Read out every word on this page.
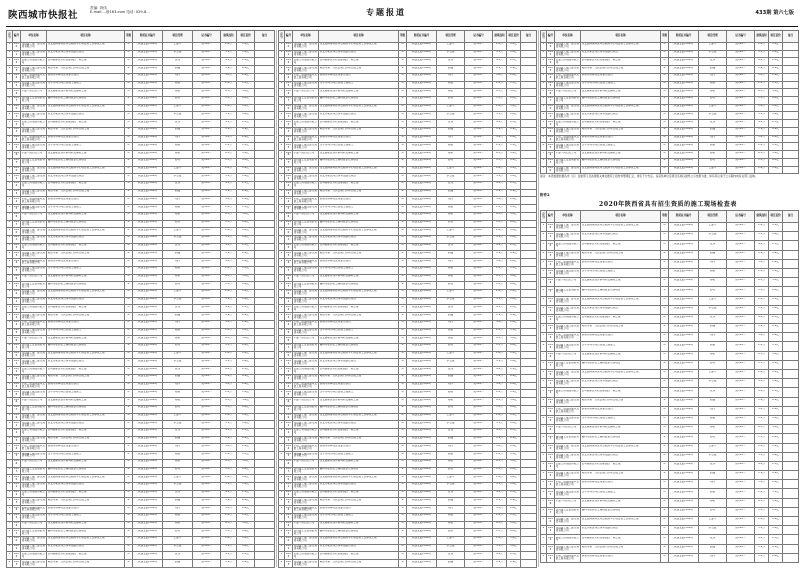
陕西城市快报社
责编: 刘伟
E-mail:...@163.com 电话: 029-8...	专题报道	433期 第六七版
序号	编号	单位名称	项目名称	等级	资质证书编号	项目经理	证书编号	建筑面积	项目造价	备注

1	2020	陕西建工第一建设集团有限公司	西安国际港务区综合服务中心项目施工总承包工程	A	陕建安证(2020)	王建平	陕161...	2.6万	1.2亿	

2	2021	陕西建工第二建设集团有限公司	延安市新区综合体育馆建设项目	A	陕建安证(2020)	李志强	陕161...	3.1万	1.8亿	

3	2022	中建三局集团有限公司	宝鸡高新区科技创新园区一期工程	A	陕建安证(2020)	张伟	陕161...	4.2万	2.3亿	

4	2023	陕西建工第三建设集团有限公司	咸阳市第一人民医院门诊综合楼工程	B	陕建安证(2020)	赵磊	陕161...	1.9万	0.9亿	

5	2024	中铁一局集团建筑安装工程有限公司	渭南市保障性住房建设项目	A	陕建安证(2020)	刘洋	陕161...	5.0万	2.6亿	

6	2025	陕西建工第五建设集团有限公司	汉中市城市综合管廊工程施工	A	陕建安证(2020)	陈刚	陕161...	2.2万	1.1亿	

7	2026	中建八局西北公司	西安高新区软件新城研发基地工程	A	陕建安证(2020)	杨帆	陕161...	6.3万	3.4亿	

8	2027	陕西建工安装集团有限公司	榆林市能源化工基地配套设施项目	B	陕建安证(2020)	孙亮	陕161...	1.5万	0.8亿	

1	2020	陕西建工第一建设集团有限公司	西安国际港务区综合服务中心项目施工总承包工程	A	陕建安证(2020)	王建平	陕161...	2.6万	1.2亿	

2	2021	陕西建工第二建设集团有限公司	延安市新区综合体育馆建设项目	A	陕建安证(2020)	李志强	陕161...	3.1万	1.8亿	

3	2022	中建三局集团有限公司	宝鸡高新区科技创新园区一期工程	A	陕建安证(2020)	张伟	陕161...	4.2万	2.3亿	

4	2023	陕西建工第三建设集团有限公司	咸阳市第一人民医院门诊综合楼工程	B	陕建安证(2020)	赵磊	陕161...	1.9万	0.9亿	

5	2024	中铁一局集团建筑安装工程有限公司	渭南市保障性住房建设项目	A	陕建安证(2020)	刘洋	陕161...	5.0万	2.6亿	

6	2025	陕西建工第五建设集团有限公司	汉中市城市综合管廊工程施工	A	陕建安证(2020)	陈刚	陕161...	2.2万	1.1亿	

7	2026	中建八局西北公司	西安高新区软件新城研发基地工程	A	陕建安证(2020)	杨帆	陕161...	6.3万	3.4亿	

8	2027	陕西建工安装集团有限公司	榆林市能源化工基地配套设施项目	B	陕建安证(2020)	孙亮	陕161...	1.5万	0.8亿	

1	2020	陕西建工第一建设集团有限公司	西安国际港务区综合服务中心项目施工总承包工程	A	陕建安证(2020)	王建平	陕161...	2.6万	1.2亿	

2	2021	陕西建工第二建设集团有限公司	延安市新区综合体育馆建设项目	A	陕建安证(2020)	李志强	陕161...	3.1万	1.8亿	

3	2022	中建三局集团有限公司	宝鸡高新区科技创新园区一期工程	A	陕建安证(2020)	张伟	陕161...	4.2万	2.3亿	

4	2023	陕西建工第三建设集团有限公司	咸阳市第一人民医院门诊综合楼工程	B	陕建安证(2020)	赵磊	陕161...	1.9万	0.9亿	

5	2024	中铁一局集团建筑安装工程有限公司	渭南市保障性住房建设项目	A	陕建安证(2020)	刘洋	陕161...	5.0万	2.6亿	

6	2025	陕西建工第五建设集团有限公司	汉中市城市综合管廊工程施工	A	陕建安证(2020)	陈刚	陕161...	2.2万	1.1亿	

7	2026	中建八局西北公司	西安高新区软件新城研发基地工程	A	陕建安证(2020)	杨帆	陕161...	6.3万	3.4亿	

8	2027	陕西建工安装集团有限公司	榆林市能源化工基地配套设施项目	B	陕建安证(2020)	孙亮	陕161...	1.5万	0.8亿	

1	2020	陕西建工第一建设集团有限公司	西安国际港务区综合服务中心项目施工总承包工程	A	陕建安证(2020)	王建平	陕161...	2.6万	1.2亿	

2	2021	陕西建工第二建设集团有限公司	延安市新区综合体育馆建设项目	A	陕建安证(2020)	李志强	陕161...	3.1万	1.8亿	

3	2022	中建三局集团有限公司	宝鸡高新区科技创新园区一期工程	A	陕建安证(2020)	张伟	陕161...	4.2万	2.3亿	

4	2023	陕西建工第三建设集团有限公司	咸阳市第一人民医院门诊综合楼工程	B	陕建安证(2020)	赵磊	陕161...	1.9万	0.9亿	

5	2024	中铁一局集团建筑安装工程有限公司	渭南市保障性住房建设项目	A	陕建安证(2020)	刘洋	陕161...	5.0万	2.6亿	

6	2025	陕西建工第五建设集团有限公司	汉中市城市综合管廊工程施工	A	陕建安证(2020)	陈刚	陕161...	2.2万	1.1亿	

7	2026	中建八局西北公司	西安高新区软件新城研发基地工程	A	陕建安证(2020)	杨帆	陕161...	6.3万	3.4亿	

8	2027	陕西建工安装集团有限公司	榆林市能源化工基地配套设施项目	B	陕建安证(2020)	孙亮	陕161...	1.5万	0.8亿	

1	2020	陕西建工第一建设集团有限公司	西安国际港务区综合服务中心项目施工总承包工程	A	陕建安证(2020)	王建平	陕161...	2.6万	1.2亿	

2	2021	陕西建工第二建设集团有限公司	延安市新区综合体育馆建设项目	A	陕建安证(2020)	李志强	陕161...	3.1万	1.8亿	

3	2022	中建三局集团有限公司	宝鸡高新区科技创新园区一期工程	A	陕建安证(2020)	张伟	陕161...	4.2万	2.3亿	

4	2023	陕西建工第三建设集团有限公司	咸阳市第一人民医院门诊综合楼工程	B	陕建安证(2020)	赵磊	陕161...	1.9万	0.9亿	

5	2024	中铁一局集团建筑安装工程有限公司	渭南市保障性住房建设项目	A	陕建安证(2020)	刘洋	陕161...	5.0万	2.6亿	

6	2025	陕西建工第五建设集团有限公司	汉中市城市综合管廊工程施工	A	陕建安证(2020)	陈刚	陕161...	2.2万	1.1亿	

7	2026	中建八局西北公司	西安高新区软件新城研发基地工程	A	陕建安证(2020)	杨帆	陕161...	6.3万	3.4亿	

8	2027	陕西建工安装集团有限公司	榆林市能源化工基地配套设施项目	B	陕建安证(2020)	孙亮	陕161...	1.5万	0.8亿	

1	2020	陕西建工第一建设集团有限公司	西安国际港务区综合服务中心项目施工总承包工程	A	陕建安证(2020)	王建平	陕161...	2.6万	1.2亿	

2	2021	陕西建工第二建设集团有限公司	延安市新区综合体育馆建设项目	A	陕建安证(2020)	李志强	陕161...	3.1万	1.8亿	

3	2022	中建三局集团有限公司	宝鸡高新区科技创新园区一期工程	A	陕建安证(2020)	张伟	陕161...	4.2万	2.3亿	

4	2023	陕西建工第三建设集团有限公司	咸阳市第一人民医院门诊综合楼工程	B	陕建安证(2020)	赵磊	陕161...	1.9万	0.9亿	

5	2024	中铁一局集团建筑安装工程有限公司	渭南市保障性住房建设项目	A	陕建安证(2020)	刘洋	陕161...	5.0万	2.6亿	

6	2025	陕西建工第五建设集团有限公司	汉中市城市综合管廊工程施工	A	陕建安证(2020)	陈刚	陕161...	2.2万	1.1亿	

7	2026	中建八局西北公司	西安高新区软件新城研发基地工程	A	陕建安证(2020)	杨帆	陕161...	6.3万	3.4亿	

8	2027	陕西建工安装集团有限公司	榆林市能源化工基地配套设施项目	B	陕建安证(2020)	孙亮	陕161...	1.5万	0.8亿	

1	2020	陕西建工第一建设集团有限公司	西安国际港务区综合服务中心项目施工总承包工程	A	陕建安证(2020)	王建平	陕161...	2.6万	1.2亿	

2	2021	陕西建工第二建设集团有限公司	延安市新区综合体育馆建设项目	A	陕建安证(2020)	李志强	陕161...	3.1万	1.8亿	

3	2022	中建三局集团有限公司	宝鸡高新区科技创新园区一期工程	A	陕建安证(2020)	张伟	陕161...	4.2万	2.3亿	

4	2023	陕西建工第三建设集团有限公司	咸阳市第一人民医院门诊综合楼工程	B	陕建安证(2020)	赵磊	陕161...	1.9万	0.9亿	

5	2024	中铁一局集团建筑安装工程有限公司	渭南市保障性住房建设项目	A	陕建安证(2020)	刘洋	陕161...	5.0万	2.6亿	

6	2025	陕西建工第五建设集团有限公司	汉中市城市综合管廊工程施工	A	陕建安证(2020)	陈刚	陕161...	2.2万	1.1亿	

7	2026	中建八局西北公司	西安高新区软件新城研发基地工程	A	陕建安证(2020)	杨帆	陕161...	6.3万	3.4亿	

8	2027	陕西建工安装集团有限公司	榆林市能源化工基地配套设施项目	B	陕建安证(2020)	孙亮	陕161...	1.5万	0.8亿	

1	2020	陕西建工第一建设集团有限公司	西安国际港务区综合服务中心项目施工总承包工程	A	陕建安证(2020)	王建平	陕161...	2.6万	1.2亿	

2	2021	陕西建工第二建设集团有限公司	延安市新区综合体育馆建设项目	A	陕建安证(2020)	李志强	陕161...	3.1万	1.8亿	

3	2022	中建三局集团有限公司	宝鸡高新区科技创新园区一期工程	A	陕建安证(2020)	张伟	陕161...	4.2万	2.3亿	

4	2023	陕西建工第三建设集团有限公司	咸阳市第一人民医院门诊综合楼工程	B	陕建安证(2020)	赵磊	陕161...	1.9万	0.9亿	

5	2024	中铁一局集团建筑安装工程有限公司	渭南市保障性住房建设项目	A	陕建安证(2020)	刘洋	陕161...	5.0万	2.6亿	

6	2025	陕西建工第五建设集团有限公司	汉中市城市综合管廊工程施工	A	陕建安证(2020)	陈刚	陕161...	2.2万	1.1亿	

7	2026	中建八局西北公司	西安高新区软件新城研发基地工程	A	陕建安证(2020)	杨帆	陕161...	6.3万	3.4亿	

8	2027	陕西建工安装集团有限公司	榆林市能源化工基地配套设施项目	B	陕建安证(2020)	孙亮	陕161...	1.5万	0.8亿	

1	2020	陕西建工第一建设集团有限公司	西安国际港务区综合服务中心项目施工总承包工程	A	陕建安证(2020)	王建平	陕161...	2.6万	1.2亿	

2	2021	陕西建工第二建设集团有限公司	延安市新区综合体育馆建设项目	A	陕建安证(2020)	李志强	陕161...	3.1万	1.8亿	

3	2022	中建三局集团有限公司	宝鸡高新区科技创新园区一期工程	A	陕建安证(2020)	张伟	陕161...	4.2万	2.3亿	

4	2023	陕西建工第三建设集团有限公司	咸阳市第一人民医院门诊综合楼工程	B	陕建安证(2020)	赵磊	陕161...	1.9万	0.9亿	

序号	编号	单位名称	项目名称	等级	资质证书编号	项目经理	证书编号	建筑面积	项目造价	备注

1	2020	陕西建工第一建设集团有限公司	西安国际港务区综合服务中心项目施工总承包工程	A	陕建安证(2020)	王建平	陕161...	2.6万	1.2亿	

2	2021	陕西建工第二建设集团有限公司	延安市新区综合体育馆建设项目	A	陕建安证(2020)	李志强	陕161...	3.1万	1.8亿	

3	2022	中建三局集团有限公司	宝鸡高新区科技创新园区一期工程	A	陕建安证(2020)	张伟	陕161...	4.2万	2.3亿	

4	2023	陕西建工第三建设集团有限公司	咸阳市第一人民医院门诊综合楼工程	B	陕建安证(2020)	赵磊	陕161...	1.9万	0.9亿	

5	2024	中铁一局集团建筑安装工程有限公司	渭南市保障性住房建设项目	A	陕建安证(2020)	刘洋	陕161...	5.0万	2.6亿	

6	2025	陕西建工第五建设集团有限公司	汉中市城市综合管廊工程施工	A	陕建安证(2020)	陈刚	陕161...	2.2万	1.1亿	

7	2026	中建八局西北公司	西安高新区软件新城研发基地工程	A	陕建安证(2020)	杨帆	陕161...	6.3万	3.4亿	

8	2027	陕西建工安装集团有限公司	榆林市能源化工基地配套设施项目	B	陕建安证(2020)	孙亮	陕161...	1.5万	0.8亿	

1	2020	陕西建工第一建设集团有限公司	西安国际港务区综合服务中心项目施工总承包工程	A	陕建安证(2020)	王建平	陕161...	2.6万	1.2亿	

2	2021	陕西建工第二建设集团有限公司	延安市新区综合体育馆建设项目	A	陕建安证(2020)	李志强	陕161...	3.1万	1.8亿	

3	2022	中建三局集团有限公司	宝鸡高新区科技创新园区一期工程	A	陕建安证(2020)	张伟	陕161...	4.2万	2.3亿	

4	2023	陕西建工第三建设集团有限公司	咸阳市第一人民医院门诊综合楼工程	B	陕建安证(2020)	赵磊	陕161...	1.9万	0.9亿	

5	2024	中铁一局集团建筑安装工程有限公司	渭南市保障性住房建设项目	A	陕建安证(2020)	刘洋	陕161...	5.0万	2.6亿	

6	2025	陕西建工第五建设集团有限公司	汉中市城市综合管廊工程施工	A	陕建安证(2020)	陈刚	陕161...	2.2万	1.1亿	

7	2026	中建八局西北公司	西安高新区软件新城研发基地工程	A	陕建安证(2020)	杨帆	陕161...	6.3万	3.4亿	

8	2027	陕西建工安装集团有限公司	榆林市能源化工基地配套设施项目	B	陕建安证(2020)	孙亮	陕161...	1.5万	0.8亿	

1	2020	陕西建工第一建设集团有限公司	西安国际港务区综合服务中心项目施工总承包工程	A	陕建安证(2020)	王建平	陕161...	2.6万	1.2亿	

2	2021	陕西建工第二建设集团有限公司	延安市新区综合体育馆建设项目	A	陕建安证(2020)	李志强	陕161...	3.1万	1.8亿	

3	2022	中建三局集团有限公司	宝鸡高新区科技创新园区一期工程	A	陕建安证(2020)	张伟	陕161...	4.2万	2.3亿	

4	2023	陕西建工第三建设集团有限公司	咸阳市第一人民医院门诊综合楼工程	B	陕建安证(2020)	赵磊	陕161...	1.9万	0.9亿	

5	2024	中铁一局集团建筑安装工程有限公司	渭南市保障性住房建设项目	A	陕建安证(2020)	刘洋	陕161...	5.0万	2.6亿	

6	2025	陕西建工第五建设集团有限公司	汉中市城市综合管廊工程施工	A	陕建安证(2020)	陈刚	陕161...	2.2万	1.1亿	

7	2026	中建八局西北公司	西安高新区软件新城研发基地工程	A	陕建安证(2020)	杨帆	陕161...	6.3万	3.4亿	

8	2027	陕西建工安装集团有限公司	榆林市能源化工基地配套设施项目	B	陕建安证(2020)	孙亮	陕161...	1.5万	0.8亿	

1	2020	陕西建工第一建设集团有限公司	西安国际港务区综合服务中心项目施工总承包工程	A	陕建安证(2020)	王建平	陕161...	2.6万	1.2亿	

2	2021	陕西建工第二建设集团有限公司	延安市新区综合体育馆建设项目	A	陕建安证(2020)	李志强	陕161...	3.1万	1.8亿	

3	2022	中建三局集团有限公司	宝鸡高新区科技创新园区一期工程	A	陕建安证(2020)	张伟	陕161...	4.2万	2.3亿	

4	2023	陕西建工第三建设集团有限公司	咸阳市第一人民医院门诊综合楼工程	B	陕建安证(2020)	赵磊	陕161...	1.9万	0.9亿	

5	2024	中铁一局集团建筑安装工程有限公司	渭南市保障性住房建设项目	A	陕建安证(2020)	刘洋	陕161...	5.0万	2.6亿	

6	2025	陕西建工第五建设集团有限公司	汉中市城市综合管廊工程施工	A	陕建安证(2020)	陈刚	陕161...	2.2万	1.1亿	

7	2026	中建八局西北公司	西安高新区软件新城研发基地工程	A	陕建安证(2020)	杨帆	陕161...	6.3万	3.4亿	

8	2027	陕西建工安装集团有限公司	榆林市能源化工基地配套设施项目	B	陕建安证(2020)	孙亮	陕161...	1.5万	0.8亿	

1	2020	陕西建工第一建设集团有限公司	西安国际港务区综合服务中心项目施工总承包工程	A	陕建安证(2020)	王建平	陕161...	2.6万	1.2亿	

2	2021	陕西建工第二建设集团有限公司	延安市新区综合体育馆建设项目	A	陕建安证(2020)	李志强	陕161...	3.1万	1.8亿	

3	2022	中建三局集团有限公司	宝鸡高新区科技创新园区一期工程	A	陕建安证(2020)	张伟	陕161...	4.2万	2.3亿	

4	2023	陕西建工第三建设集团有限公司	咸阳市第一人民医院门诊综合楼工程	B	陕建安证(2020)	赵磊	陕161...	1.9万	0.9亿	

5	2024	中铁一局集团建筑安装工程有限公司	渭南市保障性住房建设项目	A	陕建安证(2020)	刘洋	陕161...	5.0万	2.6亿	

6	2025	陕西建工第五建设集团有限公司	汉中市城市综合管廊工程施工	A	陕建安证(2020)	陈刚	陕161...	2.2万	1.1亿	

7	2026	中建八局西北公司	西安高新区软件新城研发基地工程	A	陕建安证(2020)	杨帆	陕161...	6.3万	3.4亿	

8	2027	陕西建工安装集团有限公司	榆林市能源化工基地配套设施项目	B	陕建安证(2020)	孙亮	陕161...	1.5万	0.8亿	

1	2020	陕西建工第一建设集团有限公司	西安国际港务区综合服务中心项目施工总承包工程	A	陕建安证(2020)	王建平	陕161...	2.6万	1.2亿	

2	2021	陕西建工第二建设集团有限公司	延安市新区综合体育馆建设项目	A	陕建安证(2020)	李志强	陕161...	3.1万	1.8亿	

3	2022	中建三局集团有限公司	宝鸡高新区科技创新园区一期工程	A	陕建安证(2020)	张伟	陕161...	4.2万	2.3亿	

4	2023	陕西建工第三建设集团有限公司	咸阳市第一人民医院门诊综合楼工程	B	陕建安证(2020)	赵磊	陕161...	1.9万	0.9亿	

5	2024	中铁一局集团建筑安装工程有限公司	渭南市保障性住房建设项目	A	陕建安证(2020)	刘洋	陕161...	5.0万	2.6亿	

6	2025	陕西建工第五建设集团有限公司	汉中市城市综合管廊工程施工	A	陕建安证(2020)	陈刚	陕161...	2.2万	1.1亿	

7	2026	中建八局西北公司	西安高新区软件新城研发基地工程	A	陕建安证(2020)	杨帆	陕161...	6.3万	3.4亿	

8	2027	陕西建工安装集团有限公司	榆林市能源化工基地配套设施项目	B	陕建安证(2020)	孙亮	陕161...	1.5万	0.8亿	

1	2020	陕西建工第一建设集团有限公司	西安国际港务区综合服务中心项目施工总承包工程	A	陕建安证(2020)	王建平	陕161...	2.6万	1.2亿	

2	2021	陕西建工第二建设集团有限公司	延安市新区综合体育馆建设项目	A	陕建安证(2020)	李志强	陕161...	3.1万	1.8亿	

3	2022	中建三局集团有限公司	宝鸡高新区科技创新园区一期工程	A	陕建安证(2020)	张伟	陕161...	4.2万	2.3亿	

4	2023	陕西建工第三建设集团有限公司	咸阳市第一人民医院门诊综合楼工程	B	陕建安证(2020)	赵磊	陕161...	1.9万	0.9亿	

5	2024	中铁一局集团建筑安装工程有限公司	渭南市保障性住房建设项目	A	陕建安证(2020)	刘洋	陕161...	5.0万	2.6亿	

6	2025	陕西建工第五建设集团有限公司	汉中市城市综合管廊工程施工	A	陕建安证(2020)	陈刚	陕161...	2.2万	1.1亿	

7	2026	中建八局西北公司	西安高新区软件新城研发基地工程	A	陕建安证(2020)	杨帆	陕161...	6.3万	3.4亿	

8	2027	陕西建工安装集团有限公司	榆林市能源化工基地配套设施项目	B	陕建安证(2020)	孙亮	陕161...	1.5万	0.8亿	

1	2020	陕西建工第一建设集团有限公司	西安国际港务区综合服务中心项目施工总承包工程	A	陕建安证(2020)	王建平	陕161...	2.6万	1.2亿	

2	2021	陕西建工第二建设集团有限公司	延安市新区综合体育馆建设项目	A	陕建安证(2020)	李志强	陕161...	3.1万	1.8亿	

3	2022	中建三局集团有限公司	宝鸡高新区科技创新园区一期工程	A	陕建安证(2020)	张伟	陕161...	4.2万	2.3亿	

4	2023	陕西建工第三建设集团有限公司	咸阳市第一人民医院门诊综合楼工程	B	陕建安证(2020)	赵磊	陕161...	1.9万	0.9亿	

5	2024	中铁一局集团建筑安装工程有限公司	渭南市保障性住房建设项目	A	陕建安证(2020)	刘洋	陕161...	5.0万	2.6亿	

6	2025	陕西建工第五建设集团有限公司	汉中市城市综合管廊工程施工	A	陕建安证(2020)	陈刚	陕161...	2.2万	1.1亿	

7	2026	中建八局西北公司	西安高新区软件新城研发基地工程	A	陕建安证(2020)	杨帆	陕161...	6.3万	3.4亿	

8	2027	陕西建工安装集团有限公司	榆林市能源化工基地配套设施项目	B	陕建安证(2020)	孙亮	陕161...	1.5万	0.8亿	

1	2020	陕西建工第一建设集团有限公司	西安国际港务区综合服务中心项目施工总承包工程	A	陕建安证(2020)	王建平	陕161...	2.6万	1.2亿	

2	2021	陕西建工第二建设集团有限公司	延安市新区综合体育馆建设项目	A	陕建安证(2020)	李志强	陕161...	3.1万	1.8亿	

3	2022	中建三局集团有限公司	宝鸡高新区科技创新园区一期工程	A	陕建安证(2020)	张伟	陕161...	4.2万	2.3亿	

4	2023	陕西建工第三建设集团有限公司	咸阳市第一人民医院门诊综合楼工程	B	陕建安证(2020)	赵磊	陕161...	1.9万	0.9亿	

序号	编号	单位名称	项目名称	等级	资质证书编号	项目经理	证书编号	建筑面积	项目造价	备注

1	2020	陕西建工第一建设集团有限公司	西安国际港务区综合服务中心项目施工总承包工程	A	陕建安证(2020)	王建平	陕161...	2.6万	1.2亿	

2	2021	陕西建工第二建设集团有限公司	延安市新区综合体育馆建设项目	A	陕建安证(2020)	李志强	陕161...	3.1万	1.8亿	

3	2022	中建三局集团有限公司	宝鸡高新区科技创新园区一期工程	A	陕建安证(2020)	张伟	陕161...	4.2万	2.3亿	

4	2023	陕西建工第三建设集团有限公司	咸阳市第一人民医院门诊综合楼工程	B	陕建安证(2020)	赵磊	陕161...	1.9万	0.9亿	

5	2024	中铁一局集团建筑安装工程有限公司	渭南市保障性住房建设项目	A	陕建安证(2020)	刘洋	陕161...	5.0万	2.6亿	

6	2025	陕西建工第五建设集团有限公司	汉中市城市综合管廊工程施工	A	陕建安证(2020)	陈刚	陕161...	2.2万	1.1亿	

7	2026	中建八局西北公司	西安高新区软件新城研发基地工程	A	陕建安证(2020)	杨帆	陕161...	6.3万	3.4亿	

8	2027	陕西建工安装集团有限公司	榆林市能源化工基地配套设施项目	B	陕建安证(2020)	孙亮	陕161...	1.5万	0.8亿	

1	2020	陕西建工第一建设集团有限公司	西安国际港务区综合服务中心项目施工总承包工程	A	陕建安证(2020)	王建平	陕161...	2.6万	1.2亿	

2	2021	陕西建工第二建设集团有限公司	延安市新区综合体育馆建设项目	A	陕建安证(2020)	李志强	陕161...	3.1万	1.8亿	

3	2022	中建三局集团有限公司	宝鸡高新区科技创新园区一期工程	A	陕建安证(2020)	张伟	陕161...	4.2万	2.3亿	

4	2023	陕西建工第三建设集团有限公司	咸阳市第一人民医院门诊综合楼工程	B	陕建安证(2020)	赵磊	陕161...	1.9万	0.9亿	

5	2024	中铁一局集团建筑安装工程有限公司	渭南市保障性住房建设项目	A	陕建安证(2020)	刘洋	陕161...	5.0万	2.6亿	

6	2025	陕西建工第五建设集团有限公司	汉中市城市综合管廊工程施工	A	陕建安证(2020)	陈刚	陕161...	2.2万	1.1亿	

7	2026	中建八局西北公司	西安高新区软件新城研发基地工程	A	陕建安证(2020)	杨帆	陕161...	6.3万	3.4亿	

8	2027	陕西建工安装集团有限公司	榆林市能源化工基地配套设施项目	B	陕建安证(2020)	孙亮	陕161...	1.5万	0.8亿	

1	2020	陕西建工第一建设集团有限公司	西安国际港务区综合服务中心项目施工总承包工程	A	陕建安证(2020)	王建平	陕161...	2.6万	1.2亿	

备注：本表数据依据各市（区）住建部门及省级相关单位推荐上报材料整理汇总，排名不分先后。各获奖单位及项目名称以最终公示结果为准，如有异议请于公示期内向有关部门反映。
附件2
2020年陕西省具有招生资质的施工现场检查表
序号	编号	单位名称	项目名称	等级	资质证书编号	项目经理	证书编号	建筑面积	项目造价	备注

1	2020	陕西建工第一建设集团有限公司	西安国际港务区综合服务中心项目施工总承包工程	A	陕建安证(2020)	王建平	陕161...	2.6万	1.2亿	

2	2021	陕西建工第二建设集团有限公司	延安市新区综合体育馆建设项目	A	陕建安证(2020)	李志强	陕161...	3.1万	1.8亿	

3	2022	中建三局集团有限公司	宝鸡高新区科技创新园区一期工程	A	陕建安证(2020)	张伟	陕161...	4.2万	2.3亿	

4	2023	陕西建工第三建设集团有限公司	咸阳市第一人民医院门诊综合楼工程	B	陕建安证(2020)	赵磊	陕161...	1.9万	0.9亿	

5	2024	中铁一局集团建筑安装工程有限公司	渭南市保障性住房建设项目	A	陕建安证(2020)	刘洋	陕161...	5.0万	2.6亿	

6	2025	陕西建工第五建设集团有限公司	汉中市城市综合管廊工程施工	A	陕建安证(2020)	陈刚	陕161...	2.2万	1.1亿	

7	2026	中建八局西北公司	西安高新区软件新城研发基地工程	A	陕建安证(2020)	杨帆	陕161...	6.3万	3.4亿	

8	2027	陕西建工安装集团有限公司	榆林市能源化工基地配套设施项目	B	陕建安证(2020)	孙亮	陕161...	1.5万	0.8亿	

1	2020	陕西建工第一建设集团有限公司	西安国际港务区综合服务中心项目施工总承包工程	A	陕建安证(2020)	王建平	陕161...	2.6万	1.2亿	

2	2021	陕西建工第二建设集团有限公司	延安市新区综合体育馆建设项目	A	陕建安证(2020)	李志强	陕161...	3.1万	1.8亿	

3	2022	中建三局集团有限公司	宝鸡高新区科技创新园区一期工程	A	陕建安证(2020)	张伟	陕161...	4.2万	2.3亿	

4	2023	陕西建工第三建设集团有限公司	咸阳市第一人民医院门诊综合楼工程	B	陕建安证(2020)	赵磊	陕161...	1.9万	0.9亿	

5	2024	中铁一局集团建筑安装工程有限公司	渭南市保障性住房建设项目	A	陕建安证(2020)	刘洋	陕161...	5.0万	2.6亿	

6	2025	陕西建工第五建设集团有限公司	汉中市城市综合管廊工程施工	A	陕建安证(2020)	陈刚	陕161...	2.2万	1.1亿	

7	2026	中建八局西北公司	西安高新区软件新城研发基地工程	A	陕建安证(2020)	杨帆	陕161...	6.3万	3.4亿	

8	2027	陕西建工安装集团有限公司	榆林市能源化工基地配套设施项目	B	陕建安证(2020)	孙亮	陕161...	1.5万	0.8亿	

1	2020	陕西建工第一建设集团有限公司	西安国际港务区综合服务中心项目施工总承包工程	A	陕建安证(2020)	王建平	陕161...	2.6万	1.2亿	

2	2021	陕西建工第二建设集团有限公司	延安市新区综合体育馆建设项目	A	陕建安证(2020)	李志强	陕161...	3.1万	1.8亿	

3	2022	中建三局集团有限公司	宝鸡高新区科技创新园区一期工程	A	陕建安证(2020)	张伟	陕161...	4.2万	2.3亿	

4	2023	陕西建工第三建设集团有限公司	咸阳市第一人民医院门诊综合楼工程	B	陕建安证(2020)	赵磊	陕161...	1.9万	0.9亿	

5	2024	中铁一局集团建筑安装工程有限公司	渭南市保障性住房建设项目	A	陕建安证(2020)	刘洋	陕161...	5.0万	2.6亿	

6	2025	陕西建工第五建设集团有限公司	汉中市城市综合管廊工程施工	A	陕建安证(2020)	陈刚	陕161...	2.2万	1.1亿	

7	2026	中建八局西北公司	西安高新区软件新城研发基地工程	A	陕建安证(2020)	杨帆	陕161...	6.3万	3.4亿	

8	2027	陕西建工安装集团有限公司	榆林市能源化工基地配套设施项目	B	陕建安证(2020)	孙亮	陕161...	1.5万	0.8亿	

1	2020	陕西建工第一建设集团有限公司	西安国际港务区综合服务中心项目施工总承包工程	A	陕建安证(2020)	王建平	陕161...	2.6万	1.2亿	

2	2021	陕西建工第二建设集团有限公司	延安市新区综合体育馆建设项目	A	陕建安证(2020)	李志强	陕161...	3.1万	1.8亿	

3	2022	中建三局集团有限公司	宝鸡高新区科技创新园区一期工程	A	陕建安证(2020)	张伟	陕161...	4.2万	2.3亿	

4	2023	陕西建工第三建设集团有限公司	咸阳市第一人民医院门诊综合楼工程	B	陕建安证(2020)	赵磊	陕161...	1.9万	0.9亿	

5	2024	中铁一局集团建筑安装工程有限公司	渭南市保障性住房建设项目	A	陕建安证(2020)	刘洋	陕161...	5.0万	2.6亿	

6	2025	陕西建工第五建设集团有限公司	汉中市城市综合管廊工程施工	A	陕建安证(2020)	陈刚	陕161...	2.2万	1.1亿	

7	2026	中建八局西北公司	西安高新区软件新城研发基地工程	A	陕建安证(2020)	杨帆	陕161...	6.3万	3.4亿	

8	2027	陕西建工安装集团有限公司	榆林市能源化工基地配套设施项目	B	陕建安证(2020)	孙亮	陕161...	1.5万	0.8亿	

1	2020	陕西建工第一建设集团有限公司	西安国际港务区综合服务中心项目施工总承包工程	A	陕建安证(2020)	王建平	陕161...	2.6万	1.2亿	

2	2021	陕西建工第二建设集团有限公司	延安市新区综合体育馆建设项目	A	陕建安证(2020)	李志强	陕161...	3.1万	1.8亿	

3	2022	中建三局集团有限公司	宝鸡高新区科技创新园区一期工程	A	陕建安证(2020)	张伟	陕161...	4.2万	2.3亿	

4	2023	陕西建工第三建设集团有限公司	咸阳市第一人民医院门诊综合楼工程	B	陕建安证(2020)	赵磊	陕161...	1.9万	0.9亿	

5	2024	中铁一局集团建筑安装工程有限公司	渭南市保障性住房建设项目	A	陕建安证(2020)	刘洋	陕161...	5.0万	2.6亿	
